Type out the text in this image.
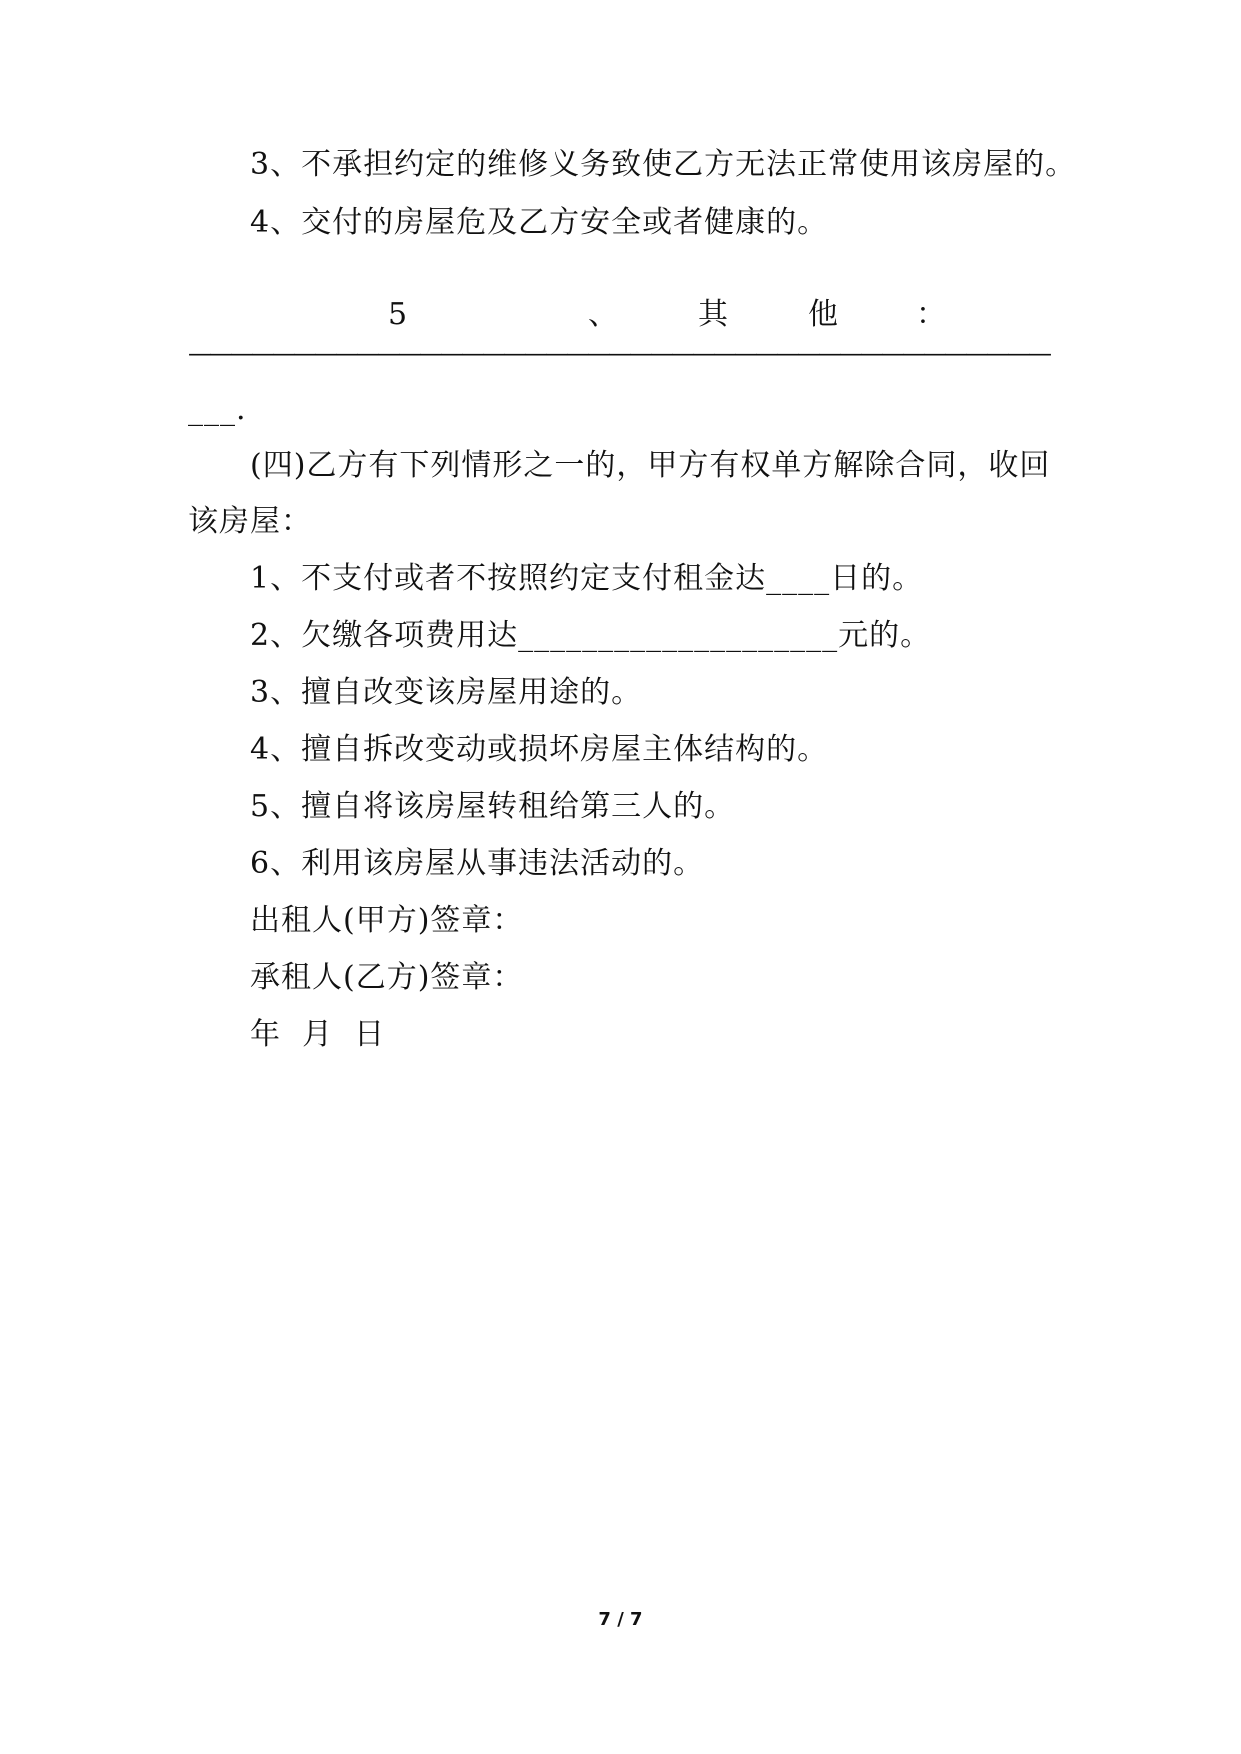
3、不承担约定的维修义务致使乙方无法正常使用该房屋的。
4、交付的房屋危及乙方安全或者健康的。
5	、	其	他	：
—————————————————————————————————————————
___.
(四)乙方有下列情形之一的，甲方有权单方解除合同，收回
该房屋：
1、不支付或者不按照约定支付租金达____日的。
2、欠缴各项费用达____________________元的。
3、擅自改变该房屋用途的。
4、擅自拆改变动或损坏房屋主体结构的。
5、擅自将该房屋转租给第三人的。
6、利用该房屋从事违法活动的。
出租人(甲方)签章：
承租人(乙方)签章：
年  月  日
7 / 7
